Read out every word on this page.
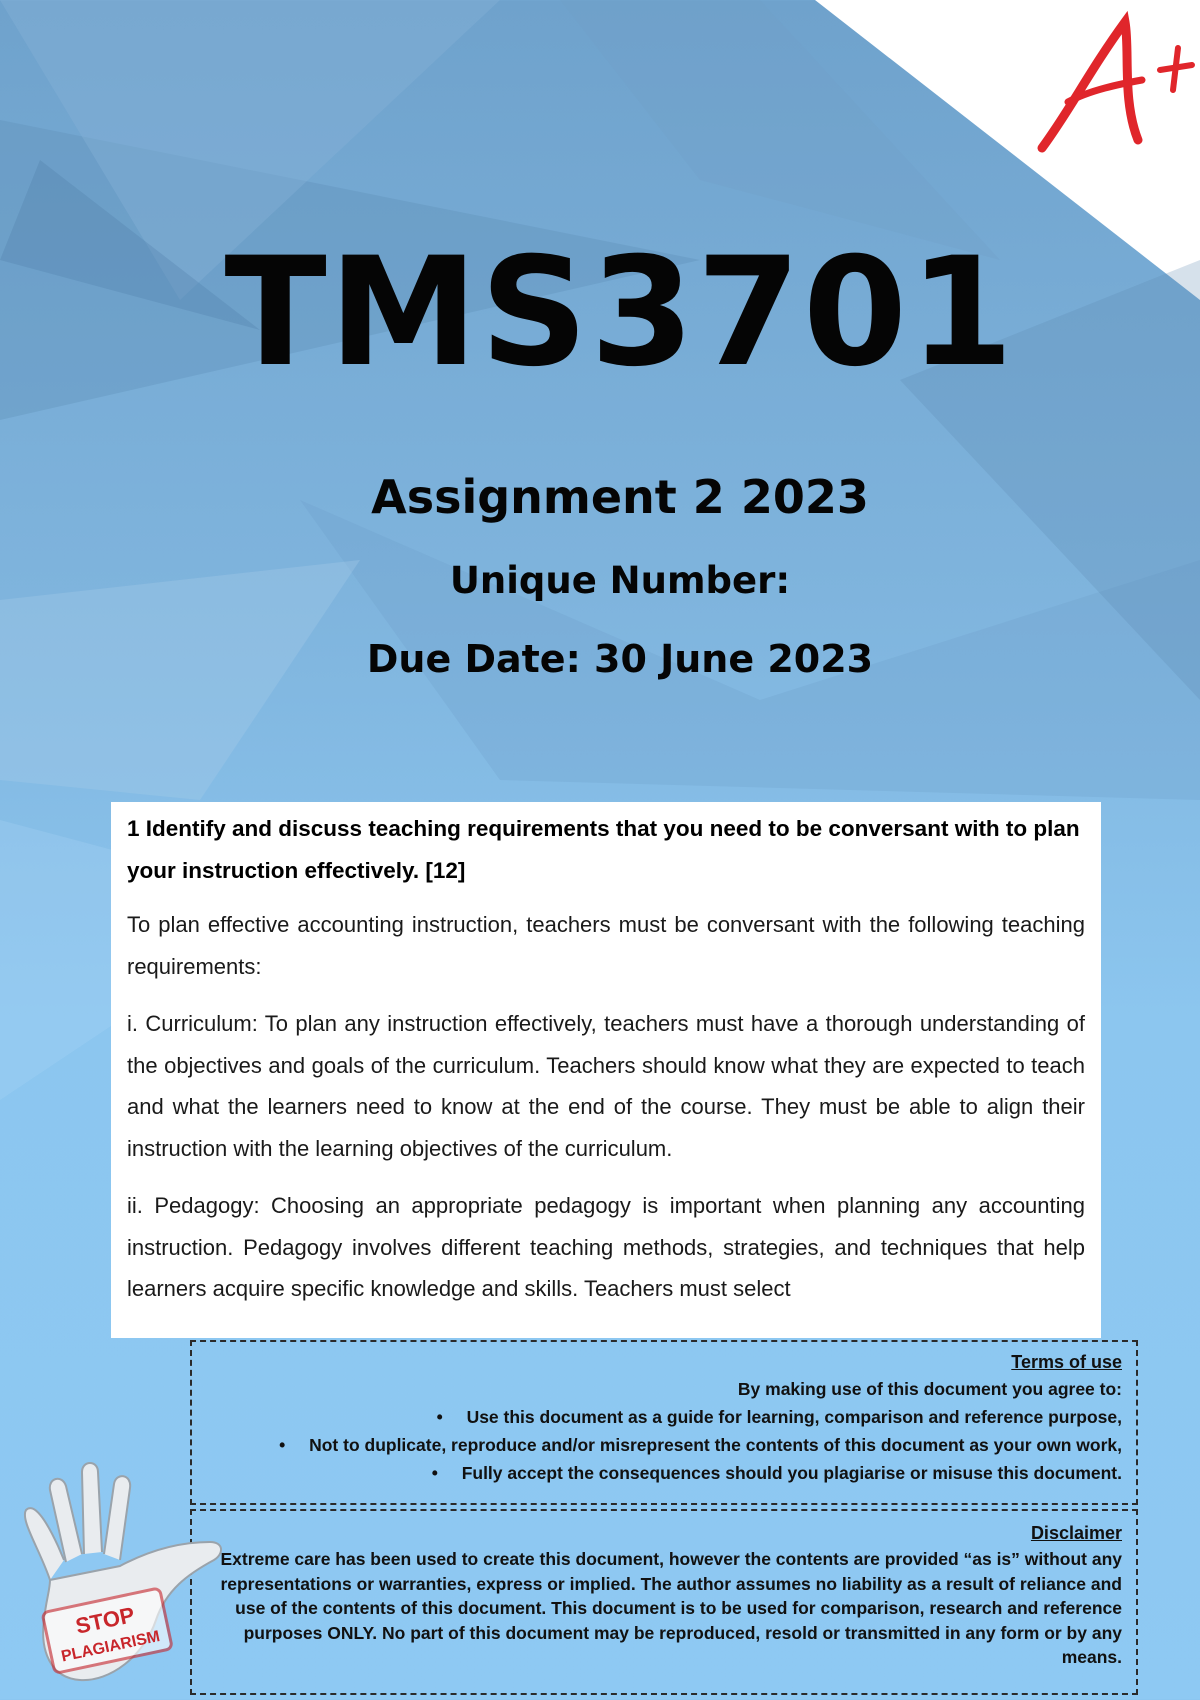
TMS3701
Assignment 2 2023
Unique Number:
Due Date: 30 June 2023

1 Identify and discuss teaching requirements that you need to be conversant with to plan your instruction effectively. [12]

To plan effective accounting instruction, teachers must be conversant with the following teaching requirements:

i. Curriculum: To plan any instruction effectively, teachers must have a thorough understanding of the objectives and goals of the curriculum. Teachers should know what they are expected to teach and what the learners need to know at the end of the course. They must be able to align their instruction with the learning objectives of the curriculum.

ii. Pedagogy: Choosing an appropriate pedagogy is important when planning any accounting instruction. Pedagogy involves different teaching methods, strategies, and techniques that help learners acquire specific knowledge and skills. Teachers must select

Terms of use
By making use of this document you agree to:
• Use this document as a guide for learning, comparison and reference purpose,
• Not to duplicate, reproduce and/or misrepresent the contents of this document as your own work,
• Fully accept the consequences should you plagiarise or misuse this document.
Disclaimer

Extreme care has been used to create this document, however the contents are provided “as is” without any representations or warranties, express or implied. The author assumes no liability as a result of reliance and use of the contents of this document. This document is to be used for comparison, research and reference purposes ONLY. No part of this document may be reproduced, resold or transmitted in any form or by any means.

STOP
PLAGIARISM
